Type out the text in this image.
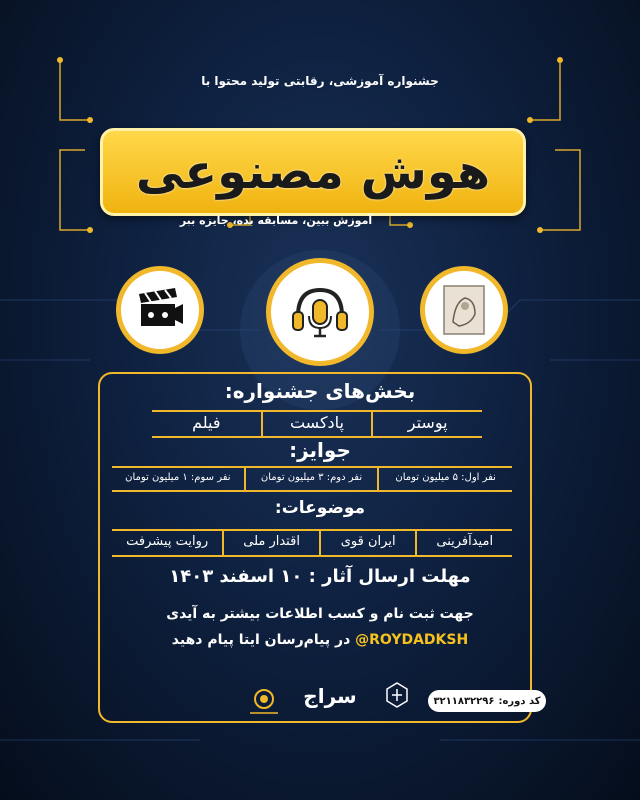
جشنواره آموزشی، رقابتی تولید محتوا با
هوش مصنوعی
آموزش ببین، مسابقه بده، جایزه ببر
بخش‌های جشنواره:
پوستر
پادکست
فیلم
جوایز:
نفر اول: ۵ میلیون تومان
نفر دوم: ۳ میلیون تومان
نفر سوم: ۱ میلیون تومان
موضوعات:
امیدآفرینی
ایران قوی
اقتدار ملی
روایت پیشرفت
مهلت ارسال آثار : ۱۰ اسفند ۱۴۰۳
جهت ثبت نام و کسب اطلاعات بیشتر به آیدی
@ROYDADKSH در پیام‌رسان ایتا پیام دهید
سراج	کد دوره:
۳۲۱۱۸۳۲۲۹۶
